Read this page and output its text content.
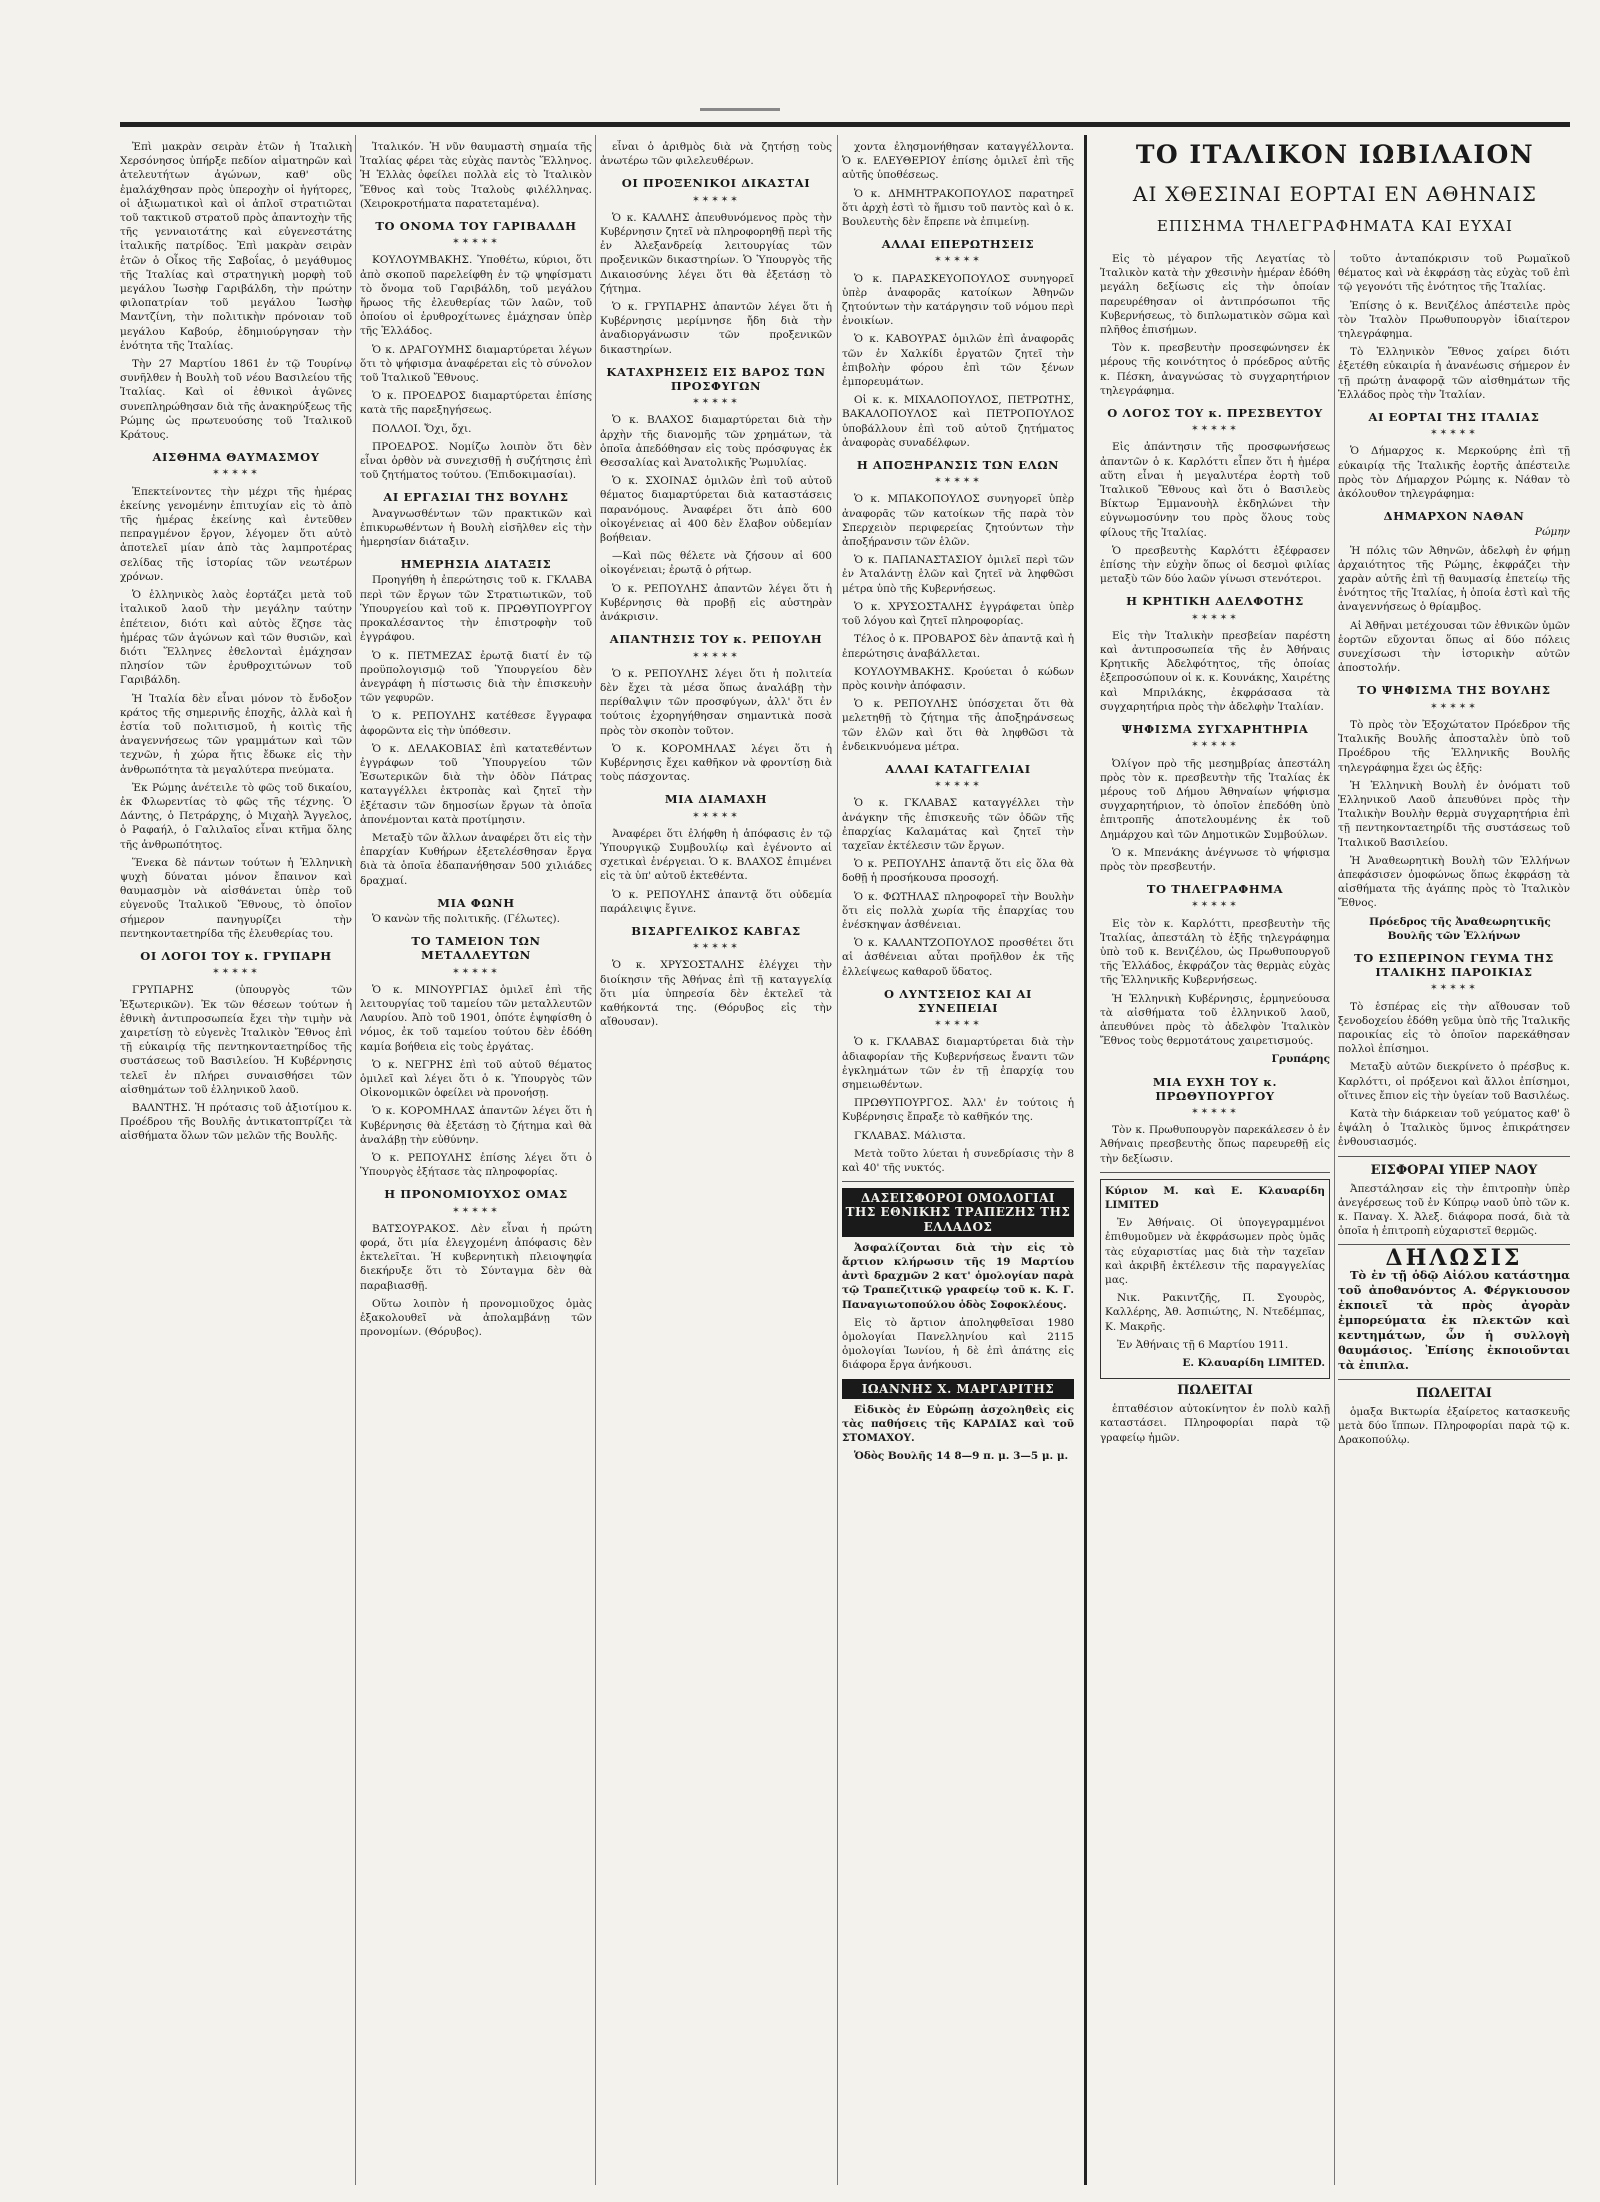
Ἐπὶ μακρὰν σειρὰν ἐτῶν ἡ Ἰταλικὴ Χερσόνησος ὑπήρξε πεδίον αἱματηρῶν καὶ ἀτελευτήτων ἀγώνων, καθ' οὓς ἐμαλάχθησαν πρὸς ὑπεροχὴν οἱ ἡγήτορες, οἱ ἀξιωματικοὶ καὶ οἱ ἁπλοῖ στρατιῶται τοῦ τακτικοῦ στρατοῦ πρὸς ἀπαντοχὴν τῆς τῆς γενναιοτάτης καὶ εὐγενεστάτης ἰταλικῆς πατρίδος. Ἐπὶ μακρὰν σειρὰν ἐτῶν ὁ Οἶκος τῆς Σαβοΐας, ὁ μεγάθυμος τῆς Ἰταλίας καὶ στρατηγικὴ μορφὴ τοῦ μεγάλου Ἰωσὴφ Γαριβάλδη, τὴν πρώτην φιλοπατρίαν τοῦ μεγάλου Ἰωσὴφ Μαντζίνη, τὴν πολιτικὴν πρόνοιαν τοῦ μεγάλου Καβούρ, ἐδημιούργησαν τὴν ἑνότητα τῆς Ἰταλίας.

Τὴν 27 Μαρτίου 1861 ἐν τῷ Τουρίνῳ συνῆλθεν ἡ Βουλὴ τοῦ νέου Βασιλείου τῆς Ἰταλίας. Καὶ οἱ ἐθνικοὶ ἀγῶνες συνεπληρώθησαν διὰ τῆς ἀνακηρύξεως τῆς Ρώμης ὡς πρωτευούσης τοῦ Ἰταλικοῦ Κράτους.

ΑΙΣΘΗΜΑ ΘΑΥΜΑΣΜΟΥ
✶✶✶✶✶

Ἐπεκτείνοντες τὴν μέχρι τῆς ἡμέρας ἐκείνης γενομένην ἐπιτυχίαν εἰς τὸ ἀπὸ τῆς ἡμέρας ἐκείνης καὶ ἐντεῦθεν πεπραγμένον ἔργον, λέγομεν ὅτι αὐτὸ ἀποτελεῖ μίαν ἀπὸ τὰς λαμπροτέρας σελίδας τῆς ἱστορίας τῶν νεωτέρων χρόνων.

Ὁ ἑλληνικὸς λαὸς ἐορτάζει μετὰ τοῦ ἰταλικοῦ λαοῦ τὴν μεγάλην ταύτην ἐπέτειον, διότι καὶ αὐτὸς ἔζησε τὰς ἡμέρας τῶν ἀγώνων καὶ τῶν θυσιῶν, καὶ διότι Ἕλληνες ἐθελονταὶ ἐμάχησαν πλησίον τῶν ἐρυθροχιτώνων τοῦ Γαριβάλδη.

Ἡ Ἰταλία δὲν εἶναι μόνον τὸ ἔνδοξον κράτος τῆς σημερινῆς ἐποχῆς, ἀλλὰ καὶ ἡ ἐστία τοῦ πολιτισμοῦ, ἡ κοιτὶς τῆς ἀναγεννήσεως τῶν γραμμάτων καὶ τῶν τεχνῶν, ἡ χώρα ἥτις ἔδωκε εἰς τὴν ἀνθρωπότητα τὰ μεγαλύτερα πνεύματα.

Ἐκ Ρώμης ἀνέτειλε τὸ φῶς τοῦ δικαίου, ἐκ Φλωρεντίας τὸ φῶς τῆς τέχνης. Ὁ Δάντης, ὁ Πετράρχης, ὁ Μιχαὴλ Ἄγγελος, ὁ Ραφαήλ, ὁ Γαλιλαῖος εἶναι κτῆμα ὅλης τῆς ἀνθρωπότητος.

Ἕνεκα δὲ πάντων τούτων ἡ Ἑλληνικὴ ψυχὴ δύναται μόνον ἔπαινον καὶ θαυμασμὸν νὰ αἰσθάνεται ὑπὲρ τοῦ εὐγενοῦς Ἰταλικοῦ Ἔθνους, τὸ ὁποῖον σήμερον πανηγυρίζει τὴν πεντηκονταετηρίδα τῆς ἐλευθερίας του.

ΟΙ ΛΟΓΟΙ ΤΟΥ κ. ΓΡΥΠΑΡΗ
✶✶✶✶✶

ΓΡΥΠΑΡΗΣ (ὑπουργὸς τῶν Ἐξωτερικῶν). Ἐκ τῶν θέσεων τούτων ἡ ἐθνικὴ ἀντιπροσωπεία ἔχει τὴν τιμὴν νὰ χαιρετίσῃ τὸ εὐγενὲς Ἰταλικὸν Ἔθνος ἐπὶ τῇ εὐκαιρίᾳ τῆς πεντηκονταετηρίδος τῆς συστάσεως τοῦ Βασιλείου. Ἡ Κυβέρνησις τελεῖ ἐν πλήρει συναισθήσει τῶν αἰσθημάτων τοῦ ἑλληνικοῦ λαοῦ.

ΒΑΛΝΤΗΣ. Ἡ πρότασις τοῦ ἀξιοτίμου κ. Προέδρου τῆς Βουλῆς ἀντικατοπτρίζει τὰ αἰσθήματα ὅλων τῶν μελῶν τῆς Βουλῆς.

Ἰταλικόν. Ἡ νῦν θαυμαστὴ σημαία τῆς Ἰταλίας φέρει τὰς εὐχὰς παντὸς Ἕλληνος. Ἡ Ἑλλὰς ὀφείλει πολλὰ εἰς τὸ Ἰταλικὸν Ἔθνος καὶ τοὺς Ἰταλοὺς φιλέλληνας. (Χειροκροτήματα παρατεταμένα).

ΤΟ ΟΝΟΜΑ ΤΟΥ ΓΑΡΙΒΑΛΔΗ
✶✶✶✶✶

ΚΟΥΛΟΥΜΒΑΚΗΣ. Ὑποθέτω, κύριοι, ὅτι ἀπὸ σκοποῦ παρελείφθη ἐν τῷ ψηφίσματι τὸ ὄνομα τοῦ Γαριβάλδη, τοῦ μεγάλου ἥρωος τῆς ἐλευθερίας τῶν λαῶν, τοῦ ὁποίου οἱ ἐρυθροχίτωνες ἐμάχησαν ὑπὲρ τῆς Ἑλλάδος.

Ὁ κ. ΔΡΑΓΟΥΜΗΣ διαμαρτύρεται λέγων ὅτι τὸ ψήφισμα ἀναφέρεται εἰς τὸ σύνολον τοῦ Ἰταλικοῦ Ἔθνους.

Ὁ κ. ΠΡΟΕΔΡΟΣ διαμαρτύρεται ἐπίσης κατὰ τῆς παρεξηγήσεως.

ΠΟΛΛΟΙ. Ὄχι, ὄχι.

ΠΡΟΕΔΡΟΣ. Νομίζω λοιπὸν ὅτι δὲν εἶναι ὀρθὸν νὰ συνεχισθῇ ἡ συζήτησις ἐπὶ τοῦ ζητήματος τούτου. (Ἐπιδοκιμασίαι).

ΑΙ ΕΡΓΑΣΙΑΙ ΤΗΣ ΒΟΥΛΗΣ

Ἀναγνωσθέντων τῶν πρακτικῶν καὶ ἐπικυρωθέντων ἡ Βουλὴ εἰσῆλθεν εἰς τὴν ἡμερησίαν διάταξιν.

ΗΜΕΡΗΣΙΑ ΔΙΑΤΑΞΙΣ

Προηγήθη ἡ ἐπερώτησις τοῦ κ. ΓΚΛΑΒΑ περὶ τῶν ἔργων τῶν Στρατιωτικῶν, τοῦ Ὑπουργείου καὶ τοῦ κ. ΠΡΩΘΥΠΟΥΡΓΟΥ προκαλέσαντος τὴν ἐπιστροφὴν τοῦ ἐγγράφου.

Ὁ κ. ΠΕΤΜΕΖΑΣ ἐρωτᾷ διατί ἐν τῷ προϋπολογισμῷ τοῦ Ὑπουργείου δὲν ἀνεγράφη ἡ πίστωσις διὰ τὴν ἐπισκευὴν τῶν γεφυρῶν.

Ὁ κ. ΡΕΠΟΥΛΗΣ κατέθεσε ἔγγραφα ἀφορῶντα εἰς τὴν ὑπόθεσιν.

Ὁ κ. ΔΕΛΑΚΟΒΙΑΣ ἐπὶ κατατεθέντων ἐγγράφων τοῦ Ὑπουργείου τῶν Ἐσωτερικῶν διὰ τὴν ὁδὸν Πάτρας καταγγέλλει ἐκτροπὰς καὶ ζητεῖ τὴν ἐξέτασιν τῶν δημοσίων ἔργων τὰ ὁποῖα ἀπονέμονται κατὰ προτίμησιν.

Μεταξὺ τῶν ἄλλων ἀναφέρει ὅτι εἰς τὴν ἐπαρχίαν Κυθήρων ἐξετελέσθησαν ἔργα διὰ τὰ ὁποῖα ἐδαπανήθησαν 500 χιλιάδες δραχμαί.

ΜΙΑ ΦΩΝΗ

Ὁ κανὼν τῆς πολιτικῆς. (Γέλωτες).

ΤΟ ΤΑΜΕΙΟΝ ΤΩΝ ΜΕΤΑΛΛΕΥΤΩΝ
✶✶✶✶✶

Ὁ κ. ΜΙΝΟΥΡΓΙΑΣ ὁμιλεῖ ἐπὶ τῆς λειτουργίας τοῦ ταμείου τῶν μεταλλευτῶν Λαυρίου. Ἀπὸ τοῦ 1901, ὁπότε ἐψηφίσθη ὁ νόμος, ἐκ τοῦ ταμείου τούτου δὲν ἐδόθη καμία βοήθεια εἰς τοὺς ἐργάτας.

Ὁ κ. ΝΕΓΡΗΣ ἐπὶ τοῦ αὐτοῦ θέματος ὁμιλεῖ καὶ λέγει ὅτι ὁ κ. Ὑπουργὸς τῶν Οἰκονομικῶν ὀφείλει νὰ προνοήσῃ.

Ὁ κ. ΚΟΡΟΜΗΛΑΣ ἀπαντῶν λέγει ὅτι ἡ Κυβέρνησις θὰ ἐξετάσῃ τὸ ζήτημα καὶ θὰ ἀναλάβῃ τὴν εὐθύνην.

Ὁ κ. ΡΕΠΟΥΛΗΣ ἐπίσης λέγει ὅτι ὁ Ὑπουργὸς ἐξήτασε τὰς πληροφορίας.

Η ΠΡΟΝΟΜΙΟΥΧΟΣ ΟΜΑΣ
✶✶✶✶✶

ΒΑΤΣΟΥΡΑΚΟΣ. Δὲν εἶναι ἡ πρώτη φορά, ὅτι μία ἐλεγχομένη ἀπόφασις δὲν ἐκτελεῖται. Ἡ κυβερνητικὴ πλειοψηφία διεκήρυξε ὅτι τὸ Σύνταγμα δὲν θὰ παραβιασθῇ.

Οὕτω λοιπὸν ἡ προνομιοῦχος ὁμὰς ἐξακολουθεῖ νὰ ἀπολαμβάνῃ τῶν προνομίων. (Θόρυβος).

εἶναι ὁ ἀριθμὸς διὰ νὰ ζητήσῃ τοὺς ἀνωτέρω τῶν φιλελευθέρων.

ΟΙ ΠΡΟΞΕΝΙΚΟΙ ΔΙΚΑΣΤΑΙ
✶✶✶✶✶

Ὁ κ. ΚΑΛΛΗΣ ἀπευθυνόμενος πρὸς τὴν Κυβέρνησιν ζητεῖ νὰ πληροφορηθῇ περὶ τῆς ἐν Ἀλεξανδρείᾳ λειτουργίας τῶν προξενικῶν δικαστηρίων. Ὁ Ὑπουργὸς τῆς Δικαιοσύνης λέγει ὅτι θὰ ἐξετάσῃ τὸ ζήτημα.

Ὁ κ. ΓΡΥΠΑΡΗΣ ἀπαντῶν λέγει ὅτι ἡ Κυβέρνησις μερίμνησε ἤδη διὰ τὴν ἀναδιοργάνωσιν τῶν προξενικῶν δικαστηρίων.

ΚΑΤΑΧΡΗΣΕΙΣ ΕΙΣ ΒΑΡΟΣ ΤΩΝ ΠΡΟΣΦΥΓΩΝ
✶✶✶✶✶

Ὁ κ. ΒΛΑΧΟΣ διαμαρτύρεται διὰ τὴν ἀρχὴν τῆς διανομῆς τῶν χρημάτων, τὰ ὁποῖα ἀπεδόθησαν εἰς τοὺς πρόσφυγας ἐκ Θεσσαλίας καὶ Ἀνατολικῆς Ῥωμυλίας.

Ὁ κ. ΣΧΟΙΝΑΣ ὁμιλῶν ἐπὶ τοῦ αὐτοῦ θέματος διαμαρτύρεται διὰ καταστάσεις παρανόμους. Ἀναφέρει ὅτι ἀπὸ 600 οἰκογένειας αἱ 400 δὲν ἔλαβον οὐδεμίαν βοήθειαν.

—Καὶ πῶς θέλετε νὰ ζήσουν αἱ 600 οἰκογένειαι; ἐρωτᾷ ὁ ρήτωρ.

Ὁ κ. ΡΕΠΟΥΛΗΣ ἀπαντῶν λέγει ὅτι ἡ Κυβέρνησις θὰ προβῇ εἰς αὐστηρὰν ἀνάκρισιν.

ΑΠΑΝΤΗΣΙΣ ΤΟΥ κ. ΡΕΠΟΥΛΗ
✶✶✶✶✶

Ὁ κ. ΡΕΠΟΥΛΗΣ λέγει ὅτι ἡ πολιτεία δὲν ἔχει τὰ μέσα ὅπως ἀναλάβῃ τὴν περίθαλψιν τῶν προσφύγων, ἀλλ' ὅτι ἐν τούτοις ἐχορηγήθησαν σημαντικὰ ποσὰ πρὸς τὸν σκοπὸν τοῦτον.

Ὁ κ. ΚΟΡΟΜΗΛΑΣ λέγει ὅτι ἡ Κυβέρνησις ἔχει καθῆκον νὰ φροντίσῃ διὰ τοὺς πάσχοντας.

ΜΙΑ ΔΙΑΜΑΧΗ
✶✶✶✶✶

Ἀναφέρει ὅτι ἐλήφθη ἡ ἀπόφασις ἐν τῷ Ὑπουργικῷ Συμβουλίῳ καὶ ἐγένοντο αἱ σχετικαὶ ἐνέργειαι. Ὁ κ. ΒΛΑΧΟΣ ἐπιμένει εἰς τὰ ὑπ' αὐτοῦ ἐκτεθέντα.

Ὁ κ. ΡΕΠΟΥΛΗΣ ἀπαντᾷ ὅτι οὐδεμία παράλειψις ἔγινε.

ΒΙΣΑΡΓΕΛΙΚΟΣ ΚΑΒΓΑΣ
✶✶✶✶✶

Ὁ κ. ΧΡΥΣΟΣΤΑΛΗΣ ἐλέγχει τὴν διοίκησιν τῆς Ἀθήνας ἐπὶ τῇ καταγγελίᾳ ὅτι μία ὑπηρεσία δὲν ἐκτελεῖ τὰ καθήκοντά της. (Θόρυβος εἰς τὴν αἴθουσαν).

χοντα ἐλησμονήθησαν καταγγέλλοντα. Ὁ κ. ΕΛΕΥΘΕΡΙΟΥ ἐπίσης ὁμιλεῖ ἐπὶ τῆς αὐτῆς ὑποθέσεως.

Ὁ κ. ΔΗΜΗΤΡΑΚΟΠΟΥΛΟΣ παρατηρεῖ ὅτι ἀρχὴ ἐστὶ τὸ ἥμισυ τοῦ παντὸς καὶ ὁ κ. Βουλευτὴς δὲν ἔπρεπε νὰ ἐπιμείνῃ.

ΑΛΛΑΙ ΕΠΕΡΩΤΗΣΕΙΣ
✶✶✶✶✶

Ὁ κ. ΠΑΡΑΣΚΕΥΟΠΟΥΛΟΣ συνηγορεῖ ὑπὲρ ἀναφορᾶς κατοίκων Ἀθηνῶν ζητούντων τὴν κατάργησιν τοῦ νόμου περὶ ἐνοικίων.

Ὁ κ. ΚΑΒΟΥΡΑΣ ὁμιλῶν ἐπὶ ἀναφορᾶς τῶν ἐν Χαλκίδι ἐργατῶν ζητεῖ τὴν ἐπιβολὴν φόρου ἐπὶ τῶν ξένων ἐμπορευμάτων.

Οἱ κ. κ. ΜΙΧΑΛΟΠΟΥΛΟΣ, ΠΕΤΡΩΤΗΣ, ΒΑΚΑΛΟΠΟΥΛΟΣ καὶ ΠΕΤΡΟΠΟΥΛΟΣ ὑποβάλλουν ἐπὶ τοῦ αὐτοῦ ζητήματος ἀναφορὰς συναδέλφων.

Η ΑΠΟΞΗΡΑΝΣΙΣ ΤΩΝ ΕΛΩΝ
✶✶✶✶✶

Ὁ κ. ΜΠΑΚΟΠΟΥΛΟΣ συνηγορεῖ ὑπὲρ ἀναφορᾶς τῶν κατοίκων τῆς παρὰ τὸν Σπερχειὸν περιφερείας ζητούντων τὴν ἀποξήρανσιν τῶν ἑλῶν.

Ὁ κ. ΠΑΠΑΝΑΣΤΑΣΙΟΥ ὁμιλεῖ περὶ τῶν ἐν Ἀταλάντῃ ἑλῶν καὶ ζητεῖ νὰ ληφθῶσι μέτρα ὑπὸ τῆς Κυβερνήσεως.

Ὁ κ. ΧΡΥΣΟΣΤΑΛΗΣ ἐγγράφεται ὑπὲρ τοῦ λόγου καὶ ζητεῖ πληροφορίας.

Τέλος ὁ κ. ΠΡΟΒΑΡΟΣ δὲν ἀπαντᾷ καὶ ἡ ἐπερώτησις ἀναβάλλεται.

ΚΟΥΛΟΥΜΒΑΚΗΣ. Κρούεται ὁ κώδων πρὸς κοινὴν ἀπόφασιν.

Ὁ κ. ΡΕΠΟΥΛΗΣ ὑπόσχεται ὅτι θὰ μελετηθῇ τὸ ζήτημα τῆς ἀποξηράνσεως τῶν ἑλῶν καὶ ὅτι θὰ ληφθῶσι τὰ ἐνδεικνυόμενα μέτρα.

ΑΛΛΑΙ ΚΑΤΑΓΓΕΛΙΑΙ
✶✶✶✶✶

Ὁ κ. ΓΚΛΑΒΑΣ καταγγέλλει τὴν ἀνάγκην τῆς ἐπισκευῆς τῶν ὁδῶν τῆς ἐπαρχίας Καλαμάτας καὶ ζητεῖ τὴν ταχεῖαν ἐκτέλεσιν τῶν ἔργων.

Ὁ κ. ΡΕΠΟΥΛΗΣ ἀπαντᾷ ὅτι εἰς ὅλα θὰ δοθῇ ἡ προσήκουσα προσοχή.

Ὁ κ. ΦΩΤΗΛΑΣ πληροφορεῖ τὴν Βουλὴν ὅτι εἰς πολλὰ χωρία τῆς ἐπαρχίας του ἐνέσκηψαν ἀσθένειαι.

Ὁ κ. ΚΑΛΑΝΤΖΟΠΟΥΛΟΣ προσθέτει ὅτι αἱ ἀσθένειαι αὗται προῆλθον ἐκ τῆς ἐλλείψεως καθαροῦ ὕδατος.

Ο ΛΥΝΤΣΕΙΟΣ ΚΑΙ ΑΙ ΣΥΝΕΠΕΙΑΙ
✶✶✶✶✶

Ὁ κ. ΓΚΛΑΒΑΣ διαμαρτύρεται διὰ τὴν ἀδιαφορίαν τῆς Κυβερνήσεως ἔναντι τῶν ἐγκλημάτων τῶν ἐν τῇ ἐπαρχίᾳ του σημειωθέντων.

ΠΡΩΘΥΠΟΥΡΓΟΣ. Ἀλλ' ἐν τούτοις ἡ Κυβέρνησις ἔπραξε τὸ καθῆκόν της.

ΓΚΛΑΒΑΣ. Μάλιστα.

Μετὰ τοῦτο λύεται ἡ συνεδρίασις τὴν 8 καὶ 40' τῆς νυκτός.

ΔΑΣΕΙΣΦΟΡΟΙ ΟΜΟΛΟΓΙΑΙ ΤΗΣ ΕΘΝΙΚΗΣ ΤΡΑΠΕΖΗΣ ΤΗΣ ΕΛΛΑΔΟΣ

Ἀσφαλίζονται διὰ τὴν εἰς τὸ ἄρτιον κλήρωσιν τῆς 19 Μαρτίου ἀντὶ δραχμῶν 2 κατ' ὁμολογίαν παρὰ τῷ Τραπεζιτικῷ γραφείῳ τοῦ κ. Κ. Γ. Παναγιωτοπούλου ὁδὸς Σοφοκλέους.

Εἰς τὸ ἄρτιον ἀποληφθεῖσαι 1980 ὁμολογίαι Πανελληνίου καὶ 2115 ὁμολογίαι Ἰωνίου, ἡ δὲ ἐπὶ ἀπάτης εἰς διάφορα ἔργα ἀνήκουσι.

ΙΩΑΝΝΗΣ Χ. ΜΑΡΓΑΡΙΤΗΣ

Εἰδικὸς ἐν Εὐρώπῃ ἀσχοληθεὶς εἰς τὰς παθήσεις τῆς ΚΑΡΔΙΑΣ καὶ τοῦ ΣΤΟΜΑΧΟΥ.

Ὁδὸς Βουλῆς 14 8—9 π. μ. 3—5 μ. μ.

ΤΟ ΙΤΑΛΙΚΟΝ ΙΩΒΙΛΑΙΟΝ
ΑΙ ΧΘΕΣΙΝΑΙ ΕΟΡΤΑΙ ΕΝ ΑΘΗΝΑΙΣ
ΕΠΙΣΗΜΑ ΤΗΛΕΓΡΑΦΗΜΑΤΑ ΚΑΙ ΕΥΧΑΙ

Εἰς τὸ μέγαρον τῆς Λεγατίας τὸ Ἰταλικὸν κατὰ τὴν χθεσινὴν ἡμέραν ἐδόθη μεγάλη δεξίωσις εἰς τὴν ὁποίαν παρευρέθησαν οἱ ἀντιπρόσωποι τῆς Κυβερνήσεως, τὸ διπλωματικὸν σῶμα καὶ πλῆθος ἐπισήμων.

Τὸν κ. πρεσβευτὴν προσεφώνησεν ἐκ μέρους τῆς κοινότητος ὁ πρόεδρος αὐτῆς κ. Πέσκη, ἀναγνώσας τὸ συγχαρητήριον τηλεγράφημα.

Ο ΛΟΓΟΣ ΤΟΥ κ. ΠΡΕΣΒΕΥΤΟΥ
✶✶✶✶✶

Εἰς ἀπάντησιν τῆς προσφωνήσεως ἀπαντῶν ὁ κ. Καρλόττι εἶπεν ὅτι ἡ ἡμέρα αὕτη εἶναι ἡ μεγαλυτέρα ἑορτὴ τοῦ Ἰταλικοῦ Ἔθνους καὶ ὅτι ὁ Βασιλεὺς Βίκτωρ Ἐμμανουὴλ ἐκδηλώνει τὴν εὐγνωμοσύνην του πρὸς ὅλους τοὺς φίλους τῆς Ἰταλίας.

Ὁ πρεσβευτὴς Καρλόττι ἐξέφρασεν ἐπίσης τὴν εὐχὴν ὅπως οἱ δεσμοὶ φιλίας μεταξὺ τῶν δύο λαῶν γίνωσι στενότεροι.

Η ΚΡΗΤΙΚΗ ΑΔΕΛΦΟΤΗΣ
✶✶✶✶✶

Εἰς τὴν Ἰταλικὴν πρεσβείαν παρέστη καὶ ἀντιπροσωπεία τῆς ἐν Ἀθήναις Κρητικῆς Ἀδελφότητος, τῆς ὁποίας ἐξεπροσώπουν οἱ κ. κ. Κουνάκης, Χαιρέτης καὶ Μπριλάκης, ἐκφράσασα τὰ συγχαρητήρια πρὸς τὴν ἀδελφὴν Ἰταλίαν.

ΨΗΦΙΣΜΑ ΣΥΓΧΑΡΗΤΗΡΙΑ
✶✶✶✶✶

Ὀλίγον πρὸ τῆς μεσημβρίας ἀπεστάλη πρὸς τὸν κ. πρεσβευτὴν τῆς Ἰταλίας ἐκ μέρους τοῦ Δήμου Ἀθηναίων ψήφισμα συγχαρητήριον, τὸ ὁποῖον ἐπεδόθη ὑπὸ ἐπιτροπῆς ἀποτελουμένης ἐκ τοῦ Δημάρχου καὶ τῶν Δημοτικῶν Συμβούλων.

Ὁ κ. Μπενάκης ἀνέγνωσε τὸ ψήφισμα πρὸς τὸν πρεσβευτήν.

ΤΟ ΤΗΛΕΓΡΑΦΗΜΑ
✶✶✶✶✶

Εἰς τὸν κ. Καρλόττι, πρεσβευτὴν τῆς Ἰταλίας, ἀπεστάλη τὸ ἑξῆς τηλεγράφημα ὑπὸ τοῦ κ. Βενιζέλου, ὡς Πρωθυπουργοῦ τῆς Ἑλλάδος, ἐκφράζον τὰς θερμὰς εὐχὰς τῆς Ἑλληνικῆς Κυβερνήσεως.

Ἡ Ἑλληνικὴ Κυβέρνησις, ἑρμηνεύουσα τὰ αἰσθήματα τοῦ ἑλληνικοῦ λαοῦ, ἀπευθύνει πρὸς τὸ ἀδελφὸν Ἰταλικὸν Ἔθνος τοὺς θερμοτάτους χαιρετισμούς.

Γρυπάρης

ΜΙΑ ΕΥΧΗ ΤΟΥ κ. ΠΡΩΘΥΠΟΥΡΓΟΥ
✶✶✶✶✶

Τὸν κ. Πρωθυπουργὸν παρεκάλεσεν ὁ ἐν Ἀθήναις πρεσβευτὴς ὅπως παρευρεθῇ εἰς τὴν δεξίωσιν.

Κύριον Μ. καὶ Ε. Κλαυαρίδη LIMITED

Ἐν Ἀθήναις. Οἱ ὑπογεγραμμένοι ἐπιθυμοῦμεν νὰ ἐκφράσωμεν πρὸς ὑμᾶς τὰς εὐχαριστίας μας διὰ τὴν ταχεῖαν καὶ ἀκριβῆ ἐκτέλεσιν τῆς παραγγελίας μας.

Νικ. Ρακιντζῆς, Π. Σγουρὸς, Καλλέρης, Ἀθ. Ἀσπιώτης, Ν. Ντεδέμπας, Κ. Μακρῆς.

Ἐν Ἀθήναις τῇ 6 Μαρτίου 1911.

Ε. Κλαυαρίδη LIMITED.

ΠΩΛΕΙΤΑΙ

ἑπταθέσιον αὐτοκίνητον ἐν πολὺ καλῇ καταστάσει. Πληροφορίαι παρὰ τῷ γραφείῳ ἡμῶν.

τοῦτο ἀνταπόκρισιν τοῦ Ρωμαϊκοῦ θέματος καὶ νὰ ἐκφράσῃ τὰς εὐχὰς τοῦ ἐπὶ τῷ γεγονότι τῆς ἑνότητος τῆς Ἰταλίας.

Ἐπίσης ὁ κ. Βενιζέλος ἀπέστειλε πρὸς τὸν Ἰταλὸν Πρωθυπουργὸν ἰδιαίτερον τηλεγράφημα.

Τὸ Ἑλληνικὸν Ἔθνος χαίρει διότι ἐξετέθη εὐκαιρία ἡ ἀνανέωσις σήμερον ἐν τῇ πρώτῃ ἀναφορᾷ τῶν αἰσθημάτων τῆς Ἑλλάδος πρὸς τὴν Ἰταλίαν.

ΑΙ ΕΟΡΤΑΙ ΤΗΣ ΙΤΑΛΙΑΣ
✶✶✶✶✶

Ὁ Δήμαρχος κ. Μερκούρης ἐπὶ τῇ εὐκαιρίᾳ τῆς Ἰταλικῆς ἑορτῆς ἀπέστειλε πρὸς τὸν Δήμαρχον Ρώμης κ. Νάθαν τὸ ἀκόλουθον τηλεγράφημα:

ΔΗΜΑΡΧΟΝ ΝΑΘΑΝ

Ρώμην

Ἡ πόλις τῶν Ἀθηνῶν, ἀδελφὴ ἐν φήμῃ ἀρχαιότητος τῆς Ρώμης, ἐκφράζει τὴν χαρὰν αὐτῆς ἐπὶ τῇ θαυμασίᾳ ἐπετείῳ τῆς ἑνότητος τῆς Ἰταλίας, ἡ ὁποία ἐστὶ καὶ τῆς ἀναγεννήσεως ὁ θρίαμβος.

Αἱ Ἀθῆναι μετέχουσαι τῶν ἐθνικῶν ὑμῶν ἑορτῶν εὔχονται ὅπως αἱ δύο πόλεις συνεχίσωσι τὴν ἱστορικὴν αὐτῶν ἀποστολήν.

ΤΟ ΨΗΦΙΣΜΑ ΤΗΣ ΒΟΥΛΗΣ
✶✶✶✶✶

Τὸ πρὸς τὸν Ἐξοχώτατον Πρόεδρον τῆς Ἰταλικῆς Βουλῆς ἀποσταλὲν ὑπὸ τοῦ Προέδρου τῆς Ἑλληνικῆς Βουλῆς τηλεγράφημα ἔχει ὡς ἑξῆς:

Ἡ Ἑλληνικὴ Βουλὴ ἐν ὀνόματι τοῦ Ἑλληνικοῦ Λαοῦ ἀπευθύνει πρὸς τὴν Ἰταλικὴν Βουλὴν θερμὰ συγχαρητήρια ἐπὶ τῇ πεντηκονταετηρίδι τῆς συστάσεως τοῦ Ἰταλικοῦ Βασιλείου.

Ἡ Ἀναθεωρητικὴ Βουλὴ τῶν Ἑλλήνων ἀπεφάσισεν ὁμοφώνως ὅπως ἐκφράσῃ τὰ αἰσθήματα τῆς ἀγάπης πρὸς τὸ Ἰταλικὸν Ἔθνος.

Πρόεδρος τῆς Ἀναθεωρητικῆς Βουλῆς τῶν Ἑλλήνων

ΤΟ ΕΣΠΕΡΙΝΟΝ ΓΕΥΜΑ ΤΗΣ ΙΤΑΛΙΚΗΣ ΠΑΡΟΙΚΙΑΣ
✶✶✶✶✶

Τὸ ἑσπέρας εἰς τὴν αἴθουσαν τοῦ ξενοδοχείου ἐδόθη γεῦμα ὑπὸ τῆς Ἰταλικῆς παροικίας εἰς τὸ ὁποῖον παρεκάθησαν πολλοὶ ἐπίσημοι.

Μεταξὺ αὐτῶν διεκρίνετο ὁ πρέσβυς κ. Καρλόττι, οἱ πρόξενοι καὶ ἄλλοι ἐπίσημοι, οἵτινες ἔπιον εἰς τὴν ὑγείαν τοῦ Βασιλέως.

Κατὰ τὴν διάρκειαν τοῦ γεύματος καθ' ὃ ἐψάλη ὁ Ἰταλικὸς ὕμνος ἐπικράτησεν ἐνθουσιασμός.

ΕΙΣΦΟΡΑΙ ΥΠΕΡ ΝΑΟΥ

Ἀπεστάλησαν εἰς τὴν ἐπιτροπὴν ὑπὲρ ἀνεγέρσεως τοῦ ἐν Κύπρῳ ναοῦ ὑπὸ τῶν κ. κ. Παναγ. Χ. Ἀλεξ. διάφορα ποσά, διὰ τὰ ὁποῖα ἡ ἐπιτροπὴ εὐχαριστεῖ θερμῶς.

ΔΗΛΩΣΙΣ

Τὸ ἐν τῇ ὁδῷ Αἰόλου κατάστημα τοῦ ἀποθανόντος Α. Φέργκιουσον ἐκποιεῖ τὰ πρὸς ἀγορὰν ἐμπορεύματα ἐκ πλεκτῶν καὶ κεντημάτων, ὧν ἡ συλλογὴ θαυμάσιος. Ἐπίσης ἐκποιοῦνται τὰ ἐπιπλα.

ΠΩΛΕΙΤΑΙ

ὁμαξα Βικτωρία ἐξαίρετος κατασκευῆς μετὰ δύο ἵππων. Πληροφορίαι παρὰ τῷ κ. Δρακοπούλῳ.
